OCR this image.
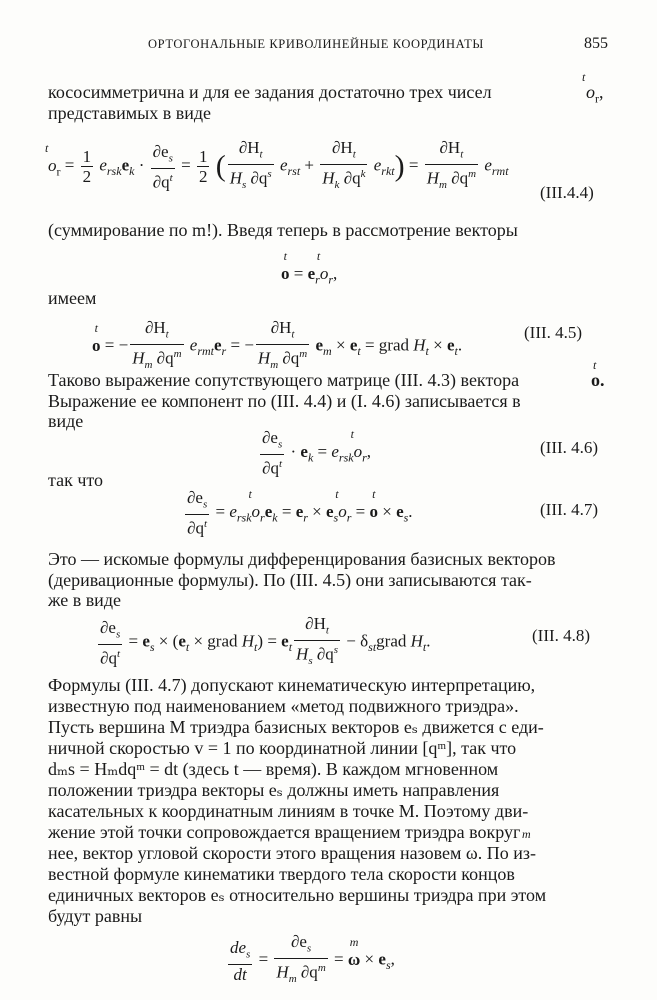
ОРТОГОНАЛЬНЫЕ КРИВОЛИНЕЙНЫЕ КООРДИНАТЫ	855
кососимметрична и для ее задания достаточно трех чисел	$o_r$
t
,
представимых в виде
$o_r$
t
= $\frac{1}{2} e_{rsk}e_k \cdot \frac{\partial e_s}{\partial q^t} = \frac{1}{2}$ ( $\frac{\partial H_t}{H_s \partial q^s} e_{rst} + \frac{\partial H_t}{H_k \partial q^k} e_{rkt}) = \frac{\partial H_t}{H_m \partial q^m} e_{rmt}$
(III.4.4)
(суммирование по m!). Введя теперь в рассмотрение векторы
o
t
= $e_ro_r$
t
,
имеем
o
t
= − $\frac{\partial H_t}{H_m \partial q^m} e_{rmt}e_r$ = − $\frac{\partial H_t}{H_m \partial q^m} e_m \times e_t$ = grad $H_t \times e_t$.
(III. 4.5)
Таково выражение сопутствующего матрице (III. 4.3) вектора	o.
t
Выражение ее компонент по (III. 4.4) и (I. 4.6) записывается в
виде
$\frac{\partial e_s}{\partial q^t} \cdot e_k = e_{rsk}o_r$
t
,	(III. 4.6)
так что
$\frac{\partial e_s}{\partial q^t} = e_{rsk}o_r$
t
$e_k = e_r \times e_so_r$
t
= o
t
× $e_s$.	(III. 4.7)
Это — искомые формулы дифференцирования базисных векторов
(деривационные формулы). По (III. 4.5) они записываются так-
же в виде
$\frac{\partial e_s}{\partial q^t} = e_s \times (e_t$ × grad $H_t) = e_t \frac{\partial H_t}{H_s \partial q^s}$ − $\delta_{st}grad$ $H_t$.	(III. 4.8)
Формулы (III. 4.7) допускают кинематическую интерпретацию,
известную под наименованием «метод подвижного триэдра».
Пусть вершина M триэдра базисных векторов eₛ движется с еди-
ничной скоростью v = 1 по координатной линии [qᵐ], так что
dₘs = Hₘdqᵐ = dt (здесь t — время). В каждом мгновенном
положении триэдра векторы eₛ должны иметь направления
касательных к координатным линиям в точке M. Поэтому дви-
жение этой точки сопровождается вращением триэдра вокруг m
нее, вектор угловой скорости этого вращения назовем ω. По из-
вестной формуле кинематики твердого тела скорости концов
единичных векторов eₛ относительно вершины триэдра при этом
будут равны
$\frac{de_s}{dt} = \frac{\partial e_s}{H_m \partial q^m} = \omega$
m
× $e_s$,
